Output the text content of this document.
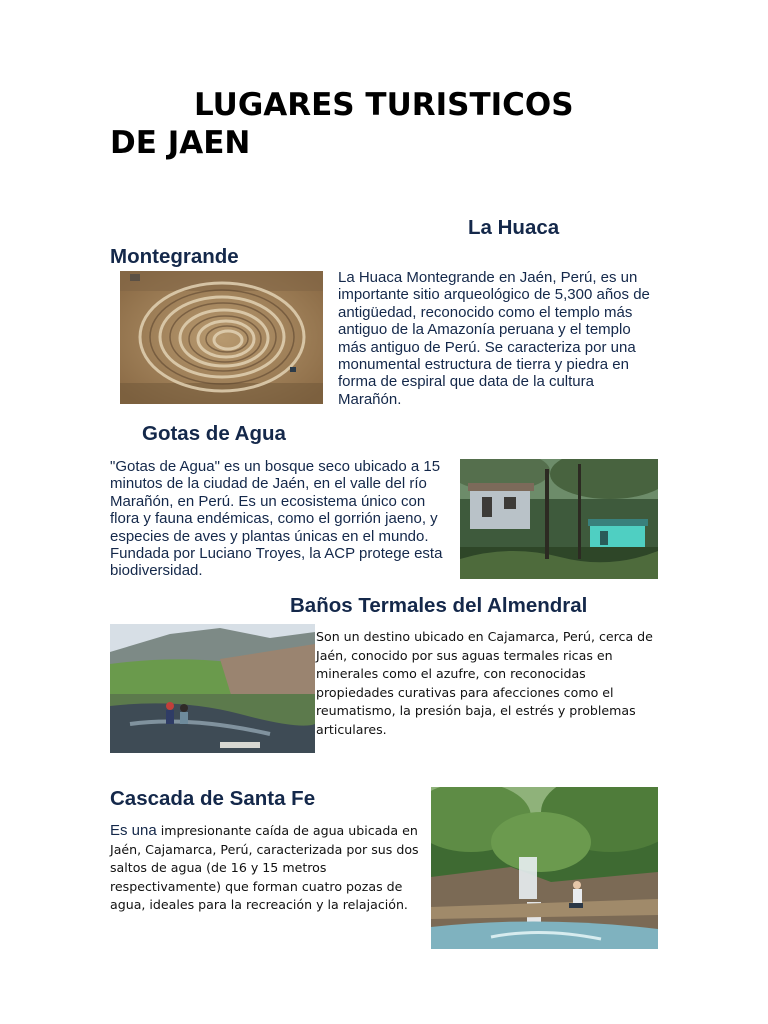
LUGARES TURISTICOS
DE JAEN
La Huaca
Montegrande

La Huaca Montegrande en Jaén, Perú, es un importante sitio arqueológico de 5,300 años de antigüedad, reconocido como el templo más antiguo de la Amazonía peruana y el templo más antiguo de Perú. Se caracteriza por una monumental estructura de tierra y piedra en forma de espiral que data de la cultura Marañón.

Gotas de Agua

"Gotas de Agua" es un bosque seco ubicado a 15 minutos de la ciudad de Jaén, en el valle del río Marañón, en Perú. Es un ecosistema único con flora y fauna endémicas, como el gorrión jaeno, y especies de aves y plantas únicas en el mundo. Fundada por Luciano Troyes, la ACP protege esta biodiversidad.

Baños Termales del Almendral

Son un destino ubicado en Cajamarca, Perú, cerca de Jaén, conocido por sus aguas termales ricas en minerales como el azufre, con reconocidas propiedades curativas para afecciones como el reumatismo, la presión baja, el estrés y problemas articulares.

Cascada de Santa Fe

Es una impresionante caída de agua ubicada en Jaén, Cajamarca, Perú, caracterizada por sus dos saltos de agua (de 16 y 15 metros respectivamente) que forman cuatro pozas de agua, ideales para la recreación y la relajación.
